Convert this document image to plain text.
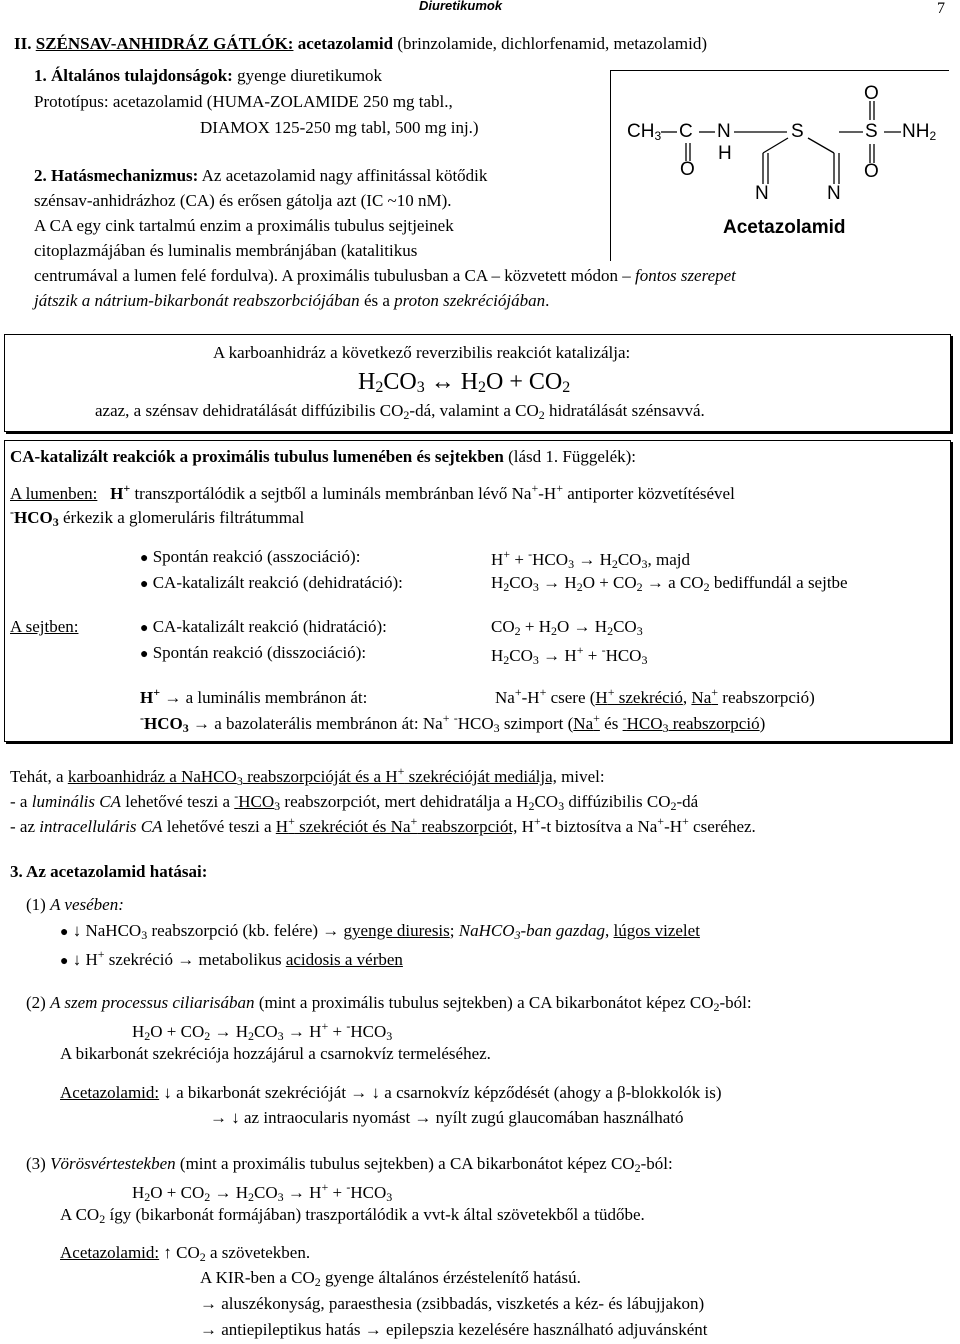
Diuretikumok	7
II. SZÉNSAV-ANHIDRÁZ GÁTLÓK: acetazolamid (brinzolamide, dichlorfenamid, metazolamid)
1. Általános tulajdonságok: gyenge diuretikumok
Prototípus: acetazolamid (HUMA-ZOLAMIDE 250 mg tabl.,
DIAMOX 125-250 mg tabl, 500 mg inj.)
2. Hatásmechanizmus: Az acetazolamid nagy affinitással kötődik
szénsav-anhidrázhoz (CA) és erősen gátolja azt (IC ~10 nM).
A CA egy cink tartalmú enzim a proximális tubulus sejtjeinek
citoplazmájában és luminalis membránjában (katalitikus
centrumával a lumen felé fordulva). A proximális tubulusban a CA – közvetett módon – fontos szerepet
játszik a nátrium-bikarbonát reabszorbciójában és a proton szekréciójában.
$CH_3$ C
O
N
H
S
N	N
S
O
O
$NH_2$
Acetazolamid
A karboanhidráz a következő reverzibilis reakciót katalizálja:
H2CO3 ↔ H2O + CO2
azaz, a szénsav dehidratálását diffúzibilis $CO_2-dá$, valamint a $CO_2$ hidratálását szénsavvá.
CA-katalizált reakciók a proximális tubulus lumenében és sejtekben (lásd 1. Függelék):
A lumenben: H+ transzportálódik a sejtből a lumináls membránban lévő Na+-H+ antiporter közvetítésével
$^-HCO_3$ érkezik a glomeruláris filtrátummal
● Spontán reakció (asszociáció):	$H^+ + ^-HCO_3 \to H_2CO_3$, majd
● CA-katalizált reakció (dehidratáció):	$H_2CO_3 \to H_2O + CO_2 \to a$ $CO_2$ bediffundál a sejtbe
A sejtben:	● CA-katalizált reakció (hidratáció):	$CO_2 + H_2O \to H_2CO_3$
● Spontán reakció (disszociáció):	$H_2CO_3 \to H^+ + ^-HCO_3$
H+ → a luminális membránon át:	Na+-H+ csere (H+ szekréció, Na+ reabszorpció)
$^-HCO_3 \to a$ bazolaterális membránon át: Na+ $^-HCO_3$ szimport (Na+ és $^-HCO_3$ reabszorpció)
Tehát, a karboanhidráz a NaHCO$_3$ reabszorpcióját és a H+ szekrécióját mediálja, mivel:
- a luminális CA lehetővé teszi a $^-HCO_3$ reabszorpciót, mert dehidratálja a $H_2CO_3$ diffúzibilis $CO_2-dá$
- az intracelluláris CA lehetővé teszi a H+ szekréciót és Na+ reabszorpciót, H+-t biztosítva a Na+-H+ cseréhez.
3. Az acetazolamid hatásai:
(1) A vesében:
● ↓ NaHCO$_3$ reabszorpció (kb. felére) → gyenge diuresis; NaHCO$_3$-ban gazdag, lúgos vizelet
● ↓ H+ szekréció → metabolikus acidosis a vérben
(2) A szem processus ciliarisában (mint a proximális tubulus sejtekben) a CA bikarbonátot képez $CO_2$-ból:
$H_2O + CO_2 \to H_2CO_3 \to H^+ + ^-HCO_3$
A bikarbonát szekréciója hozzájárul a csarnokvíz termeléséhez.
Acetazolamid: ↓ a bikarbonát szekrécióját → ↓ a csarnokvíz képződését (ahogy a β-blokkolók is)
→ ↓ az intraocularis nyomást → nyílt zugú glaucomában használható
(3) Vörösvértestekben (mint a proximális tubulus sejtekben) a CA bikarbonátot képez $CO_2$-ból:
$H_2O + CO_2 \to H_2CO_3 \to H^+ + ^-HCO_3$
A $CO_2$ így (bikarbonát formájában) traszportálódik a vvt-k által szövetekből a tüdőbe.
Acetazolamid: ↑ $CO_2$ a szövetekben.
A KIR-ben a $CO_2$ gyenge általános érzéstelenítő hatású.
→ aluszékonyság, paraesthesia (zsibbadás, viszketés a kéz- és lábujjakon)
→ antiepileptikus hatás → epilepszia kezelésére használható adjuvánsként
